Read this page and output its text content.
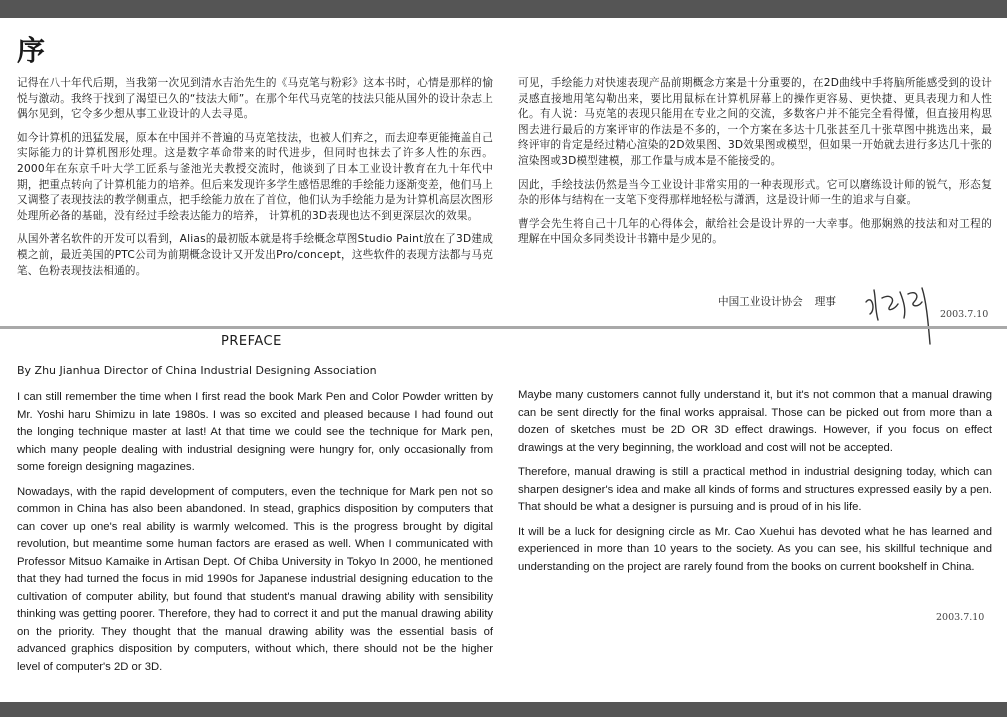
序

记得在八十年代后期，当我第一次见到清水吉治先生的《马克笔与粉彩》这本书时，心情是那样的愉悦与激动。我终于找到了渴望已久的“技法大师”。在那个年代马克笔的技法只能从国外的设计杂志上偶尔见到，它令多少想从事工业设计的人去寻觅。

如今计算机的迅猛发展，原本在中国并不普遍的马克笔技法，也被人们弃之，而去迎奉更能掩盖自己实际能力的计算机图形处理。这是数字革命带来的时代进步，但同时也抹去了许多人性的东西。2000年在东京千叶大学工匠系与釜池光夫教授交流时，他谈到了日本工业设计教育在九十年代中期，把重点转向了计算机能力的培养。但后来发现许多学生感悟思维的手绘能力逐渐变差，他们马上又调整了表现技法的教学侧重点，把手绘能力放在了首位，他们认为手绘能力是为计算机高层次图形处理所必备的基础，没有经过手绘表达能力的培养， 计算机的3D表现也达不到更深层次的效果。

从国外著名软件的开发可以看到，Alias的最初版本就是将手绘概念草图Studio Paint放在了3D建成模之前，最近美国的PTC公司为前期概念设计又开发出Pro/concept，这些软件的表现方法都与马克笔、色粉表现技法相通的。

可见，手绘能力对快速表现产品前期概念方案是十分重要的，在2D曲线中手将脑所能感受到的设计灵感直接地用笔勾勒出来，要比用鼠标在计算机屏幕上的操作更容易、更快捷、更具表现力和人性化。有人说：马克笔的表现只能用在专业之间的交流，多数客户并不能完全看得懂，但直接用构思图去进行最后的方案评审的作法是不多的，一个方案在多达十几张甚至几十张草图中挑选出来，最终评审的肯定是经过精心渲染的2D效果图、3D效果图或模型，但如果一开始就去进行多达几十张的渲染图或3D模型建模，那工作量与成本是不能接受的。

因此，手绘技法仍然是当今工业设计非常实用的一种表现形式。它可以磨练设计师的锐气，形态复杂的形体与结构在一支笔下变得那样地轻松与潇洒，这是设计师一生的追求与自豪。

曹学会先生将自己十几年的心得体会，献给社会是设计界的一大幸事。他那娴熟的技法和对工程的理解在中国众多同类设计书籍中是少见的。

中国工业设计协会 理事
2003.7.10
PREFACE
By Zhu Jianhua Director of China Industrial Designing Association

I can still remember the time when I first read the book Mark Pen and Color Powder written by Mr. Yoshi haru Shimizu in late 1980s. I was so excited and pleased because I had found out the longing technique master at last! At that time we could see the technique for Mark pen, which many people dealing with industrial designing were hungry for, only occasionally from some foreign designing magazines.

Nowadays, with the rapid development of computers, even the technique for Mark pen not so common in China has also been abandoned. In stead, graphics disposition by computers that can cover up one's real ability is warmly welcomed. This is the progress brought by digital revolution, but meantime some human factors are erased as well. When I communicated with Professor Mitsuo Kamaike in Artisan Dept. Of Chiba University in Tokyo In 2000, he mentioned that they had turned the focus in mid 1990s for Japanese industrial designing education to the cultivation of computer ability, but found that student's manual drawing ability with sensibility thinking was getting poorer. Therefore, they had to correct it and put the manual drawing ability on the priority. They thought that the manual drawing ability was the essential basis of advanced graphics disposition by computers, without which, there should not be the higher level of computer's 2D or 3D.

Maybe many customers cannot fully understand it, but it's not common that a manual drawing can be sent directly for the final works appraisal. Those can be picked out from more than a dozen of sketches must be 2D OR 3D effect drawings. However, if you focus on effect drawings at the very beginning, the workload and cost will not be accepted.

Therefore, manual drawing is still a practical method in industrial designing today, which can sharpen designer's idea and make all kinds of forms and structures expressed easily by a pen. That should be what a designer is pursuing and is proud of in his life.

It will be a luck for designing circle as Mr. Cao Xuehui has devoted what he has learned and experienced in more than 10 years to the society. As you can see, his skillful technique and understanding on the project are rarely found from the books on current bookshelf in China.

2003.7.10
